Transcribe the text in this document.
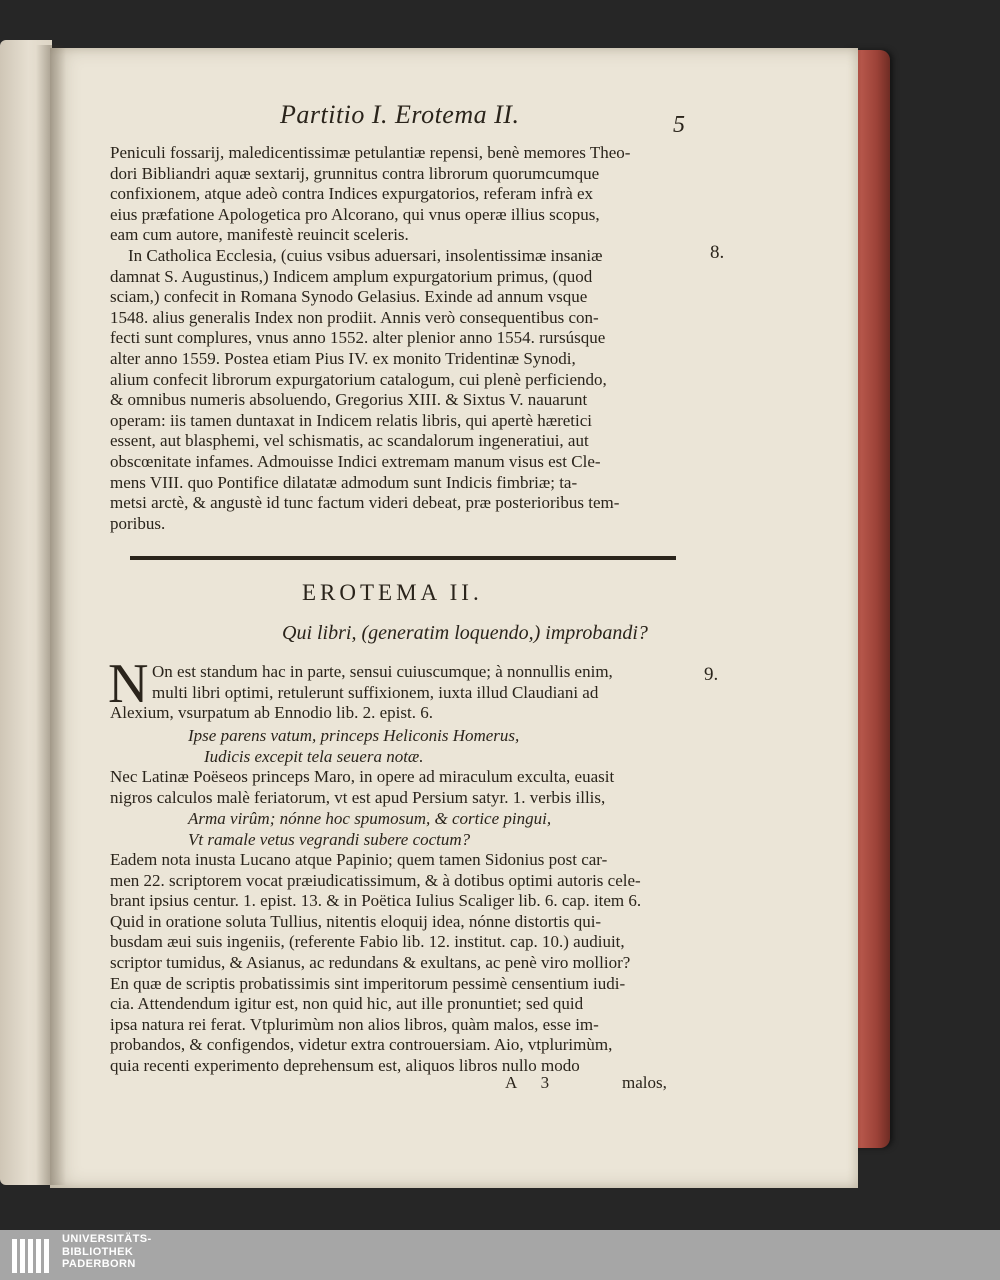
Partitio I. Erotema II.	5
Peniculi fossarij, maledicentissimæ petulantiæ repensi, benè memores Theo-
dori Bibliandri aquæ sextarij, grunnitus contra librorum quorumcumque
confixionem, atque adeò contra Indices expurgatorios, referam infrà ex
eius præfatione Apologetica pro Alcorano, qui vnus operæ illius scopus,
eam cum autore, manifestè reuincit sceleris.
In Catholica Ecclesia, (cuius vsibus aduersari, insolentissimæ insaniæ
damnat S. Augustinus,) Indicem amplum expurgatorium primus, (quod
sciam,) confecit in Romana Synodo Gelasius. Exinde ad annum vsque
1548. alius generalis Index non prodiit. Annis verò consequentibus con-
fecti sunt complures, vnus anno 1552. alter plenior anno 1554. rursúsque
alter anno 1559. Postea etiam Pius IV. ex monito Tridentinæ Synodi,
alium confecit librorum expurgatorium catalogum, cui plenè perficiendo,
& omnibus numeris absoluendo, Gregorius XIII. & Sixtus V. nauarunt
operam: iis tamen duntaxat in Indicem relatis libris, qui apertè hæretici
essent, aut blasphemi, vel schismatis, ac scandalorum ingeneratiui, aut
obscœnitate infames. Admouisse Indici extremam manum visus est Cle-
mens VIII. quo Pontifice dilatatæ admodum sunt Indicis fimbriæ; ta-
metsi arctè, & angustè id tunc factum videri debeat, præ posterioribus tem-
poribus.
8.
EROTEMA II.
Qui libri, (generatim loquendo,) improbandi?
N	9.
On est standum hac in parte, sensui cuiuscumque; à nonnullis enim,
multi libri optimi, retulerunt suffixionem, iuxta illud Claudiani ad
Alexium, vsurpatum ab Ennodio lib. 2. epist. 6.
Ipse parens vatum, princeps Heliconis Homerus,
Iudicis excepit tela seuera notæ.
Nec Latinæ Poëseos princeps Maro, in opere ad miraculum exculta, euasit
nigros calculos malè feriatorum, vt est apud Persium satyr. 1. verbis illis,
Arma virûm; nónne hoc spumosum, & cortice pingui,
Vt ramale vetus vegrandi subere coctum?
Eadem nota inusta Lucano atque Papinio; quem tamen Sidonius post car-
men 22. scriptorem vocat præiudicatissimum, & à dotibus optimi autoris cele-
brant ipsius centur. 1. epist. 13. & in Poëtica Iulius Scaliger lib. 6. cap. item 6.
Quid in oratione soluta Tullius, nitentis eloquij idea, nónne distortis qui-
busdam æui suis ingeniis, (referente Fabio lib. 12. institut. cap. 10.) audiuit,
scriptor tumidus, & Asianus, ac redundans & exultans, ac penè viro mollior?
En quæ de scriptis probatissimis sint imperitorum pessimè censentium iudi-
cia. Attendendum igitur est, non quid hic, aut ille pronuntiet; sed quid
ipsa natura rei ferat. Vtplurimùm non alios libros, quàm malos, esse im-
probandos, & configendos, videtur extra controuersiam. Aio, vtplurimùm,
quia recenti experimento deprehensum est, aliquos libros nullo modo
A 3	malos,
UNIVERSITÄTS-
BIBLIOTHEK
PADERBORN
